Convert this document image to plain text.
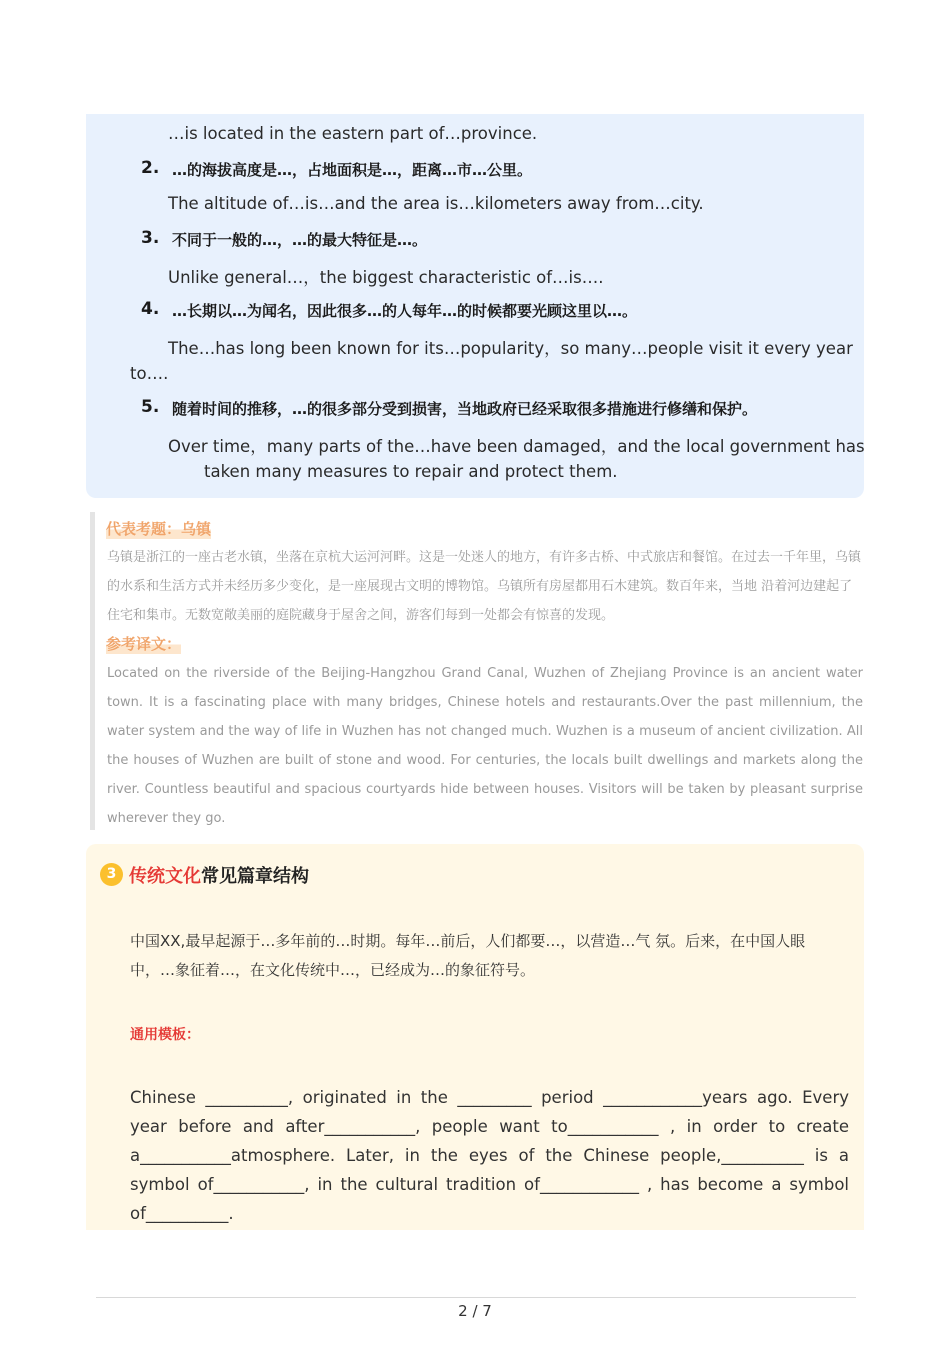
…is located in the eastern part of…province.
2. …的海拔高度是…，占地面积是…，距离…市…公里。
The altitude of…is…and the area is…kilometers away from…city.
3. 不同于一般的…，…的最大特征是…。
Unlike general…，the biggest characteristic of…is….
4. …长期以…为闻名，因此很多…的人每年…的时候都要光顾这里以…。
The…has long been known for its…popularity，so many…people visit it every year
to….
5. 随着时间的推移，…的很多部分受到损害，当地政府已经采取很多措施进行修缮和保护。
Over time，many parts of the…have been damaged，and the local government has
taken many measures to repair and protect them.
代表考题：乌镇
乌镇是浙江的一座古老水镇，坐落在京杭大运河河畔。这是一处迷人的地方，有许多古桥、中式旅店和餐馆。在过去一千年里，乌镇的水系和生活方式并未经历多少变化，是一座展现古文明的博物馆。乌镇所有房屋都用石木建筑。数百年来，当地 沿着河边建起了住宅和集市。无数宽敞美丽的庭院藏身于屋舍之间，游客们每到一处都会有惊喜的发现。
参考译文：
Located on the riverside of the Beijing-Hangzhou Grand Canal, Wuzhen of Zhejiang Province is an ancient water town. It is a fascinating place with many bridges, Chinese hotels and restaurants.Over the past millennium, the water system and the way of life in Wuzhen has not changed much. Wuzhen is a museum of ancient civilization. All the houses of Wuzhen are built of stone and wood. For centuries, the locals built dwellings and markets along the river. Countless beautiful and spacious courtyards hide between houses. Visitors will be taken by pleasant surprise wherever they go.
3 传统文化常见篇章结构
中国XX,最早起源于…多年前的…时期。每年…前后，人们都要…，以营造…气 氛。后来，在中国人眼中，…象征着…，在文化传统中…，已经成为…的象征符号。
通用模板：
Chinese __________, originated in the _________ period ____________years ago. Every year before and after___________, people want to___________ , in order to create a___________atmosphere. Later, in the eyes of the Chinese people,__________ is a symbol of___________, in the cultural tradition of____________ , has become a symbol of__________.
2 / 7
